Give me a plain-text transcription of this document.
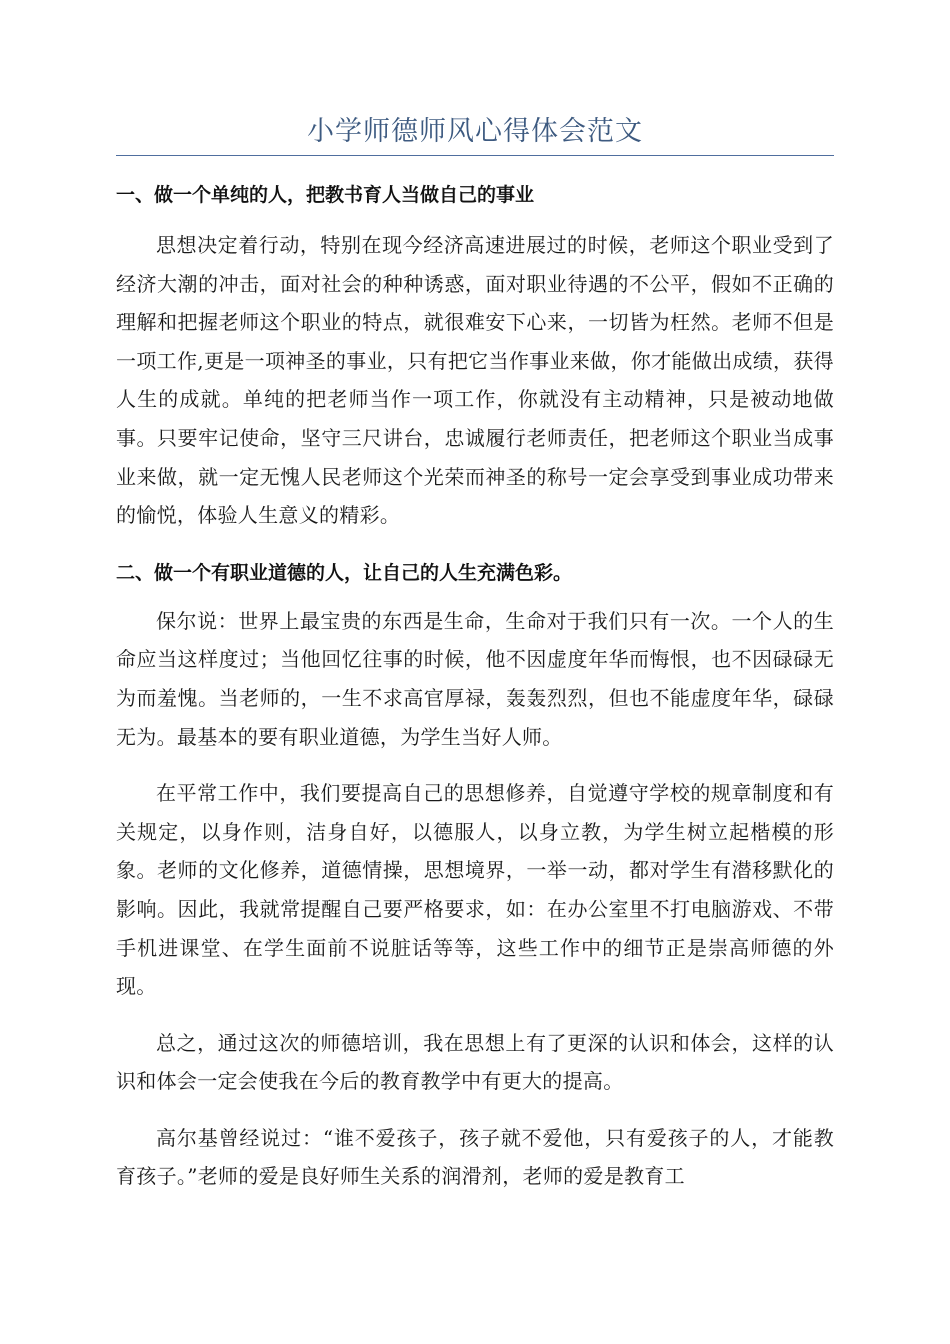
小学师德师风心得体会范文
一、做一个单纯的人，把教书育人当做自己的事业

思想决定着行动，特别在现今经济高速进展过的时候，老师这个职业受到了经济大潮的冲击，面对社会的种种诱惑，面对职业待遇的不公平，假如不正确的理解和把握老师这个职业的特点，就很难安下心来，一切皆为枉然。老师不但是一项工作,更是一项神圣的事业，只有把它当作事业来做，你才能做出成绩，获得人生的成就。单纯的把老师当作一项工作，你就没有主动精神，只是被动地做事。只要牢记使命，坚守三尺讲台，忠诚履行老师责任，把老师这个职业当成事业来做，就一定无愧人民老师这个光荣而神圣的称号一定会享受到事业成功带来的愉悦，体验人生意义的精彩。

二、做一个有职业道德的人，让自己的人生充满色彩。

保尔说：世界上最宝贵的东西是生命，生命对于我们只有一次。一个人的生命应当这样度过；当他回忆往事的时候，他不因虚度年华而悔恨，也不因碌碌无为而羞愧。当老师的，一生不求高官厚禄，轰轰烈烈，但也不能虚度年华，碌碌无为。最基本的要有职业道德，为学生当好人师。

在平常工作中，我们要提高自己的思想修养，自觉遵守学校的规章制度和有关规定，以身作则，洁身自好，以德服人，以身立教，为学生树立起楷模的形象。老师的文化修养，道德情操，思想境界，一举一动，都对学生有潜移默化的影响。因此，我就常提醒自己要严格要求，如：在办公室里不打电脑游戏、不带手机进课堂、在学生面前不说脏话等等，这些工作中的细节正是崇高师德的外现。

总之，通过这次的师德培训，我在思想上有了更深的认识和体会，这样的认识和体会一定会使我在今后的教育教学中有更大的提高。

高尔基曾经说过：“谁不爱孩子，孩子就不爱他，只有爱孩子的人，才能教育孩子。”老师的爱是良好师生关系的润滑剂，老师的爱是教育工
